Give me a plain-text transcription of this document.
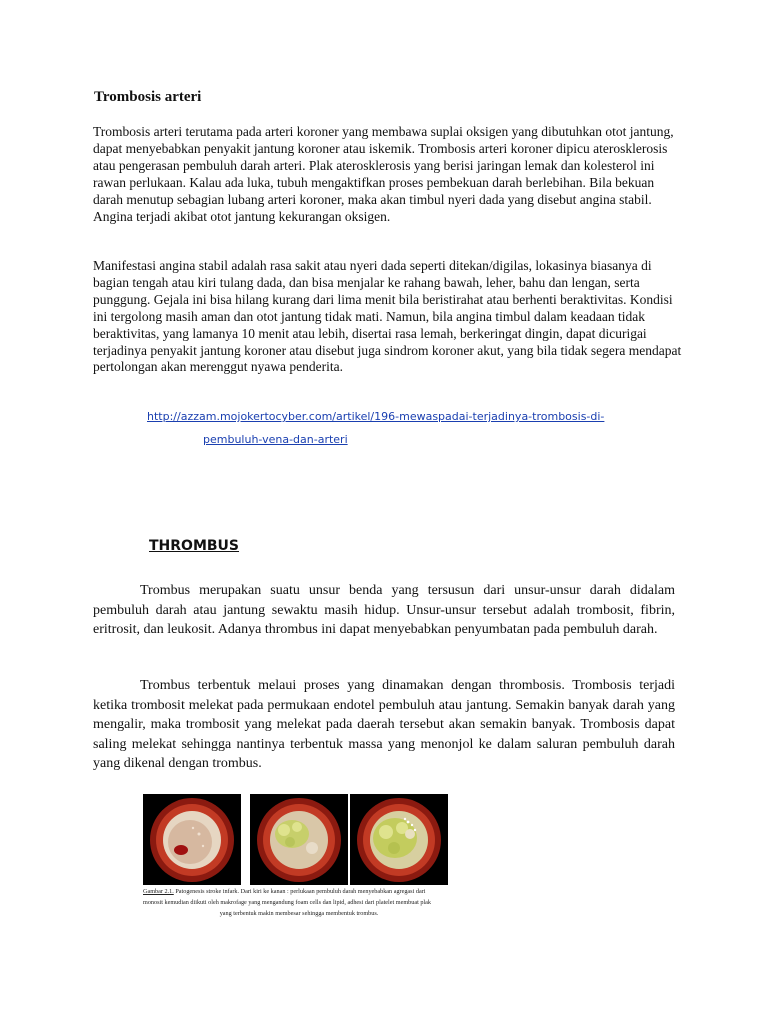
Trombosis arteri
Trombosis arteri terutama pada arteri koroner yang membawa suplai oksigen yang dibutuhkan otot jantung, dapat menyebabkan penyakit jantung koroner atau iskemik. Trombosis arteri koroner dipicu aterosklerosis atau pengerasan pembuluh darah arteri. Plak aterosklerosis yang berisi jaringan lemak dan kolesterol ini rawan perlukaan. Kalau ada luka, tubuh mengaktifkan proses pembekuan darah berlebihan. Bila bekuan darah menutup sebagian lubang arteri koroner, maka akan timbul nyeri dada yang disebut angina stabil. Angina terjadi akibat otot jantung kekurangan oksigen.
Manifestasi angina stabil adalah rasa sakit atau nyeri dada seperti ditekan/digilas, lokasinya biasanya di bagian tengah atau kiri tulang dada, dan bisa menjalar ke rahang bawah, leher, bahu dan lengan, serta punggung. Gejala ini bisa hilang kurang dari lima menit bila beristirahat atau berhenti beraktivitas. Kondisi ini tergolong masih aman dan otot jantung tidak mati. Namun, bila angina timbul dalam keadaan tidak beraktivitas, yang lamanya 10 menit atau lebih, disertai rasa lemah, berkeringat dingin, dapat dicurigai terjadinya penyakit jantung koroner atau disebut juga sindrom koroner akut, yang bila tidak segera mendapat pertolongan akan merenggut nyawa penderita.
http://azzam.mojokertocyber.com/artikel/196-mewaspadai-terjadinya-trombosis-di-
pembuluh-vena-dan-arteri
THROMBUS
Trombus merupakan suatu unsur benda yang tersusun dari unsur-unsur darah didalam pembuluh darah atau jantung sewaktu masih hidup. Unsur-unsur tersebut adalah trombosit, fibrin, eritrosit, dan leukosit. Adanya thrombus ini dapat menyebabkan penyumbatan pada pembuluh darah.
Trombus terbentuk melaui proses yang dinamakan dengan thrombosis. Trombosis terjadi ketika trombosit melekat pada permukaan endotel pembuluh atau jantung. Semakin banyak darah yang mengalir, maka trombosit yang melekat pada daerah tersebut akan semakin banyak. Trombosis dapat saling melekat sehingga nantinya terbentuk massa yang menonjol ke dalam saluran pembuluh darah yang dikenal dengan trombus.
Gambar 2.1. Patogenesis stroke infark. Dari kiri ke kanan : perlukaan pembuluh darah menyebabkan agregasi dari
monosit kemudian diikuti oleh makrofage yang mengandung foam cells dan lipid, adhesi dari platelet membuat plak
yang terbentuk makin membesar sehingga membentuk trombus.
